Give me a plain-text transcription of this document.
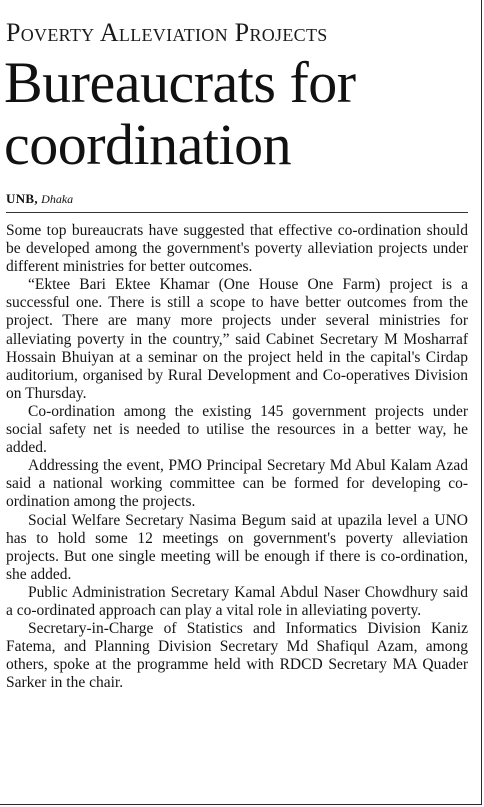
Poverty Alleviation Projects
Bureaucrats for
coordination
UNB, Dhaka

Some top bureaucrats have suggested that effective co-ordination should be developed among the government's poverty alleviation projects under different ministries for better outcomes.

“Ektee Bari Ektee Khamar (One House One Farm) project is a successful one. There is still a scope to have better outcomes from the project. There are many more projects under several ministries for alleviating poverty in the country,” said Cabinet Secretary M Mosharraf Hossain Bhuiyan at a seminar on the project held in the capital's Cirdap auditorium, organised by Rural Development and Co-operatives Division on Thursday.

Co-ordination among the existing 145 government projects under social safety net is needed to utilise the resources in a better way, he added.

Addressing the event, PMO Principal Secretary Md Abul Kalam Azad said a national working committee can be formed for developing co-ordination among the projects.

Social Welfare Secretary Nasima Begum said at upazila level a UNO has to hold some 12 meetings on government's poverty alleviation projects. But one single meeting will be enough if there is co-ordination, she added.

Public Administration Secretary Kamal Abdul Naser Chowdhury said a co-ordinated approach can play a vital role in alleviating poverty.

Secretary-in-Charge of Statistics and Informatics Division Kaniz Fatema, and Planning Division Secretary Md Shafiqul Azam, among others, spoke at the programme held with RDCD Secretary MA Quader Sarker in the chair.
